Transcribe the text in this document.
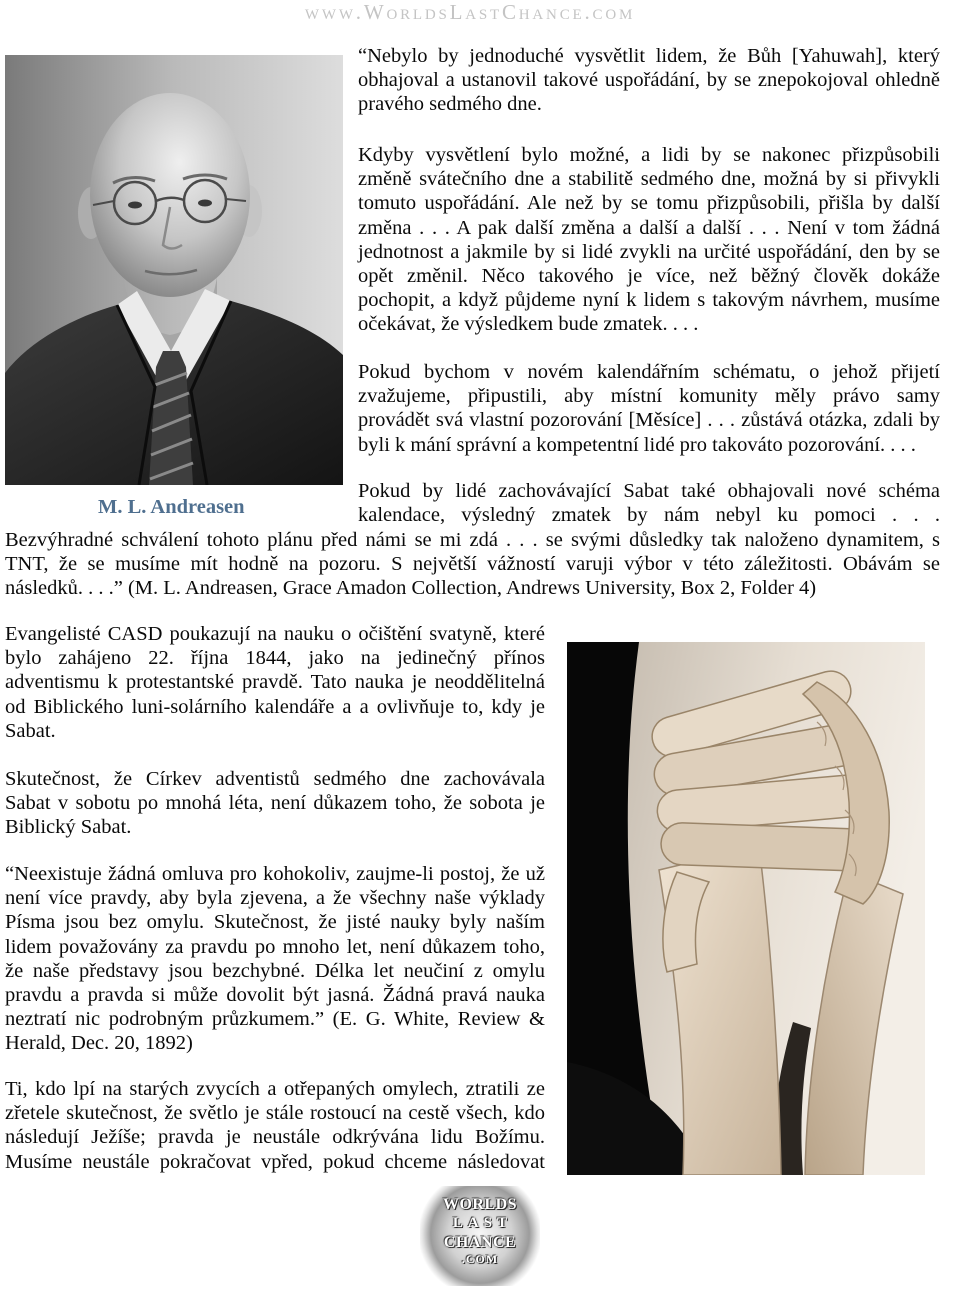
www.WorldsLastChance.com
M. L. Andreasen
“Nebylo by jednoduché vysvětlit lidem, že Bůh [Yahuwah], který
obhajoval a ustanovil takové uspořádání, by se znepokojoval ohledně
pravého sedmého dne.
Kdyby vysvětlení bylo možné, a lidi by se nakonec přizpůsobili
změně svátečního dne a stabilitě sedmého dne, možná by si přivykli
tomuto uspořádání. Ale než by se tomu přizpůsobili, přišla by další
změna . . . A pak další změna a další a další . . . Není v tom žádná
jednotnost a jakmile by si lidé zvykli na určité uspořádání, den by se
opět změnil. Něco takového je více, než běžný člověk dokáže
pochopit, a když půjdeme nyní k lidem s takovým návrhem, musíme
očekávat, že výsledkem bude zmatek. . . .
Pokud bychom v novém kalendářním schématu, o jehož přijetí
zvažujeme, připustili, aby místní komunity měly právo samy
provádět svá vlastní pozorování [Měsíce] . . . zůstává otázka, zdali by
byli k mání správní a kompetentní lidé pro takováto pozorování. . . .
Pokud by lidé zachovávající Sabat také obhajovali nové schéma
kalendace, výsledný zmatek by nám nebyl ku pomoci . . .
Bezvýhradné schválení tohoto plánu před námi se mi zdá . . . se svými důsledky tak naloženo dynamitem, s
TNT, že se musíme mít hodně na pozoru. S největší vážností varuji výbor v této záležitosti. Obávám se
následků. . . .” (M. L. Andreasen, Grace Amadon Collection, Andrews University, Box 2, Folder 4)
Evangelisté CASD poukazují na nauku o očištění svatyně, které
bylo zahájeno 22. října 1844, jako na jedinečný přínos
adventismu k protestantské pravdě. Tato nauka je neoddělitelná
od Biblického luni-solárního kalendáře a a ovlivňuje to, kdy je
Sabat.
Skutečnost, že Církev adventistů sedmého dne zachovávala
Sabat v sobotu po mnohá léta, není důkazem toho, že sobota je
Biblický Sabat.
“Neexistuje žádná omluva pro kohokoliv, zaujme-li postoj, že už
není více pravdy, aby byla zjevena, a že všechny naše výklady
Písma jsou bez omylu. Skutečnost, že jisté nauky byly naším
lidem považovány za pravdu po mnoho let, není důkazem toho,
že naše představy jsou bezchybné. Délka let neučiní z omylu
pravdu a pravda si může dovolit být jasná. Žádná pravá nauka
neztratí nic podrobným průzkumem.” (E. G. White, Review &
Herald, Dec. 20, 1892)
Ti, kdo lpí na starých zvycích a otřepaných omylech, ztratili ze
zřetele skutečnost, že světlo je stále rostoucí na cestě všech, kdo
následují Ježíše; pravda je neustále odkrývána lidu Božímu.
Musíme neustále pokračovat vpřed, pokud chceme následovat
WORLDS
LAST
CHANCE
.COM
